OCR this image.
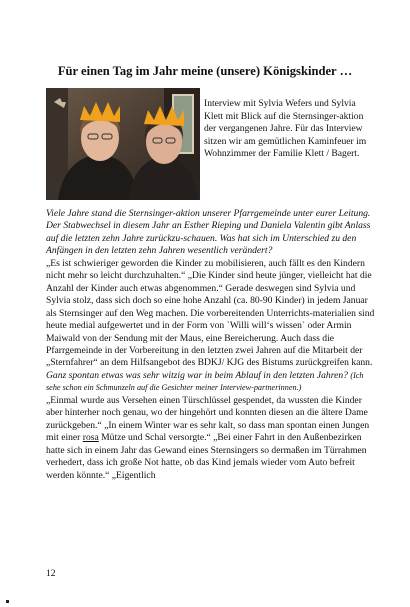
Für einen Tag im Jahr meine (unsere) Königskinder …
Interview mit Sylvia Wefers und Sylvia Klett mit Blick auf die Sternsinger-aktion der vergangenen Jahre. Für das Interview sitzen wir am gemütlichen Kaminfeuer im Wohnzimmer der Familie Klett / Bagert.

Viele Jahre stand die Sternsinger-aktion unserer Pfarrgemeinde unter eurer Leitung. Der Stabwechsel in diesem Jahr an Esther Rieping und Daniela Valentin gibt Anlass auf die letzten zehn Jahre zurückzu-schauen. Was hat sich im Unterschied zu den Anfängen in den letzten zehn Jahren wesentlich verändert?

„Es ist schwieriger geworden die Kinder zu mobilisieren, auch fällt es den Kindern nicht mehr so leicht durchzuhalten.“ „Die Kinder sind heute jünger, vielleicht hat die Anzahl der Kinder auch etwas abgenommen.“ Gerade deswegen sind Sylvia und Sylvia stolz, dass sich doch so eine hohe Anzahl (ca. 80-90 Kinder) in jedem Januar als Sternsinger auf den Weg machen. Die vorbereitenden Unterrichts-materialien sind heute medial aufgewertet und in der Form von `Willi will‘s wissen` oder Armin Maiwald von der Sendung mit der Maus, eine Bereicherung. Auch dass die Pfarrgemeinde in der Vorbereitung in den letzten zwei Jahren auf die Mitarbeit der „Sternfahrer“ an dem Hilfsangebot des BDKJ/ KJG des Bistums zurückgreifen kann.

Ganz spontan etwas was sehr witzig war in beim Ablauf in den letzten Jahren? (Ich sehe schon ein Schmunzeln auf die Gesichter meiner Interview-partnerinnen.)

„Einmal wurde aus Versehen einen Türschlüssel gespendet, da wussten die Kinder aber hinterher noch genau, wo der hingehört und konnten diesen an die ältere Dame zurückgeben.“ „In einem Winter war es sehr kalt, so dass man spontan einen Jungen mit einer rosa Mütze und Schal versorgte.“ „Bei einer Fahrt in den Außenbezirken hatte sich in einem Jahr das Gewand eines Sternsingers so dermaßen im Türrahmen verhedert, dass ich große Not hatte, ob das Kind jemals wieder vom Auto befreit werden könnte.“ „Eigentlich

12
